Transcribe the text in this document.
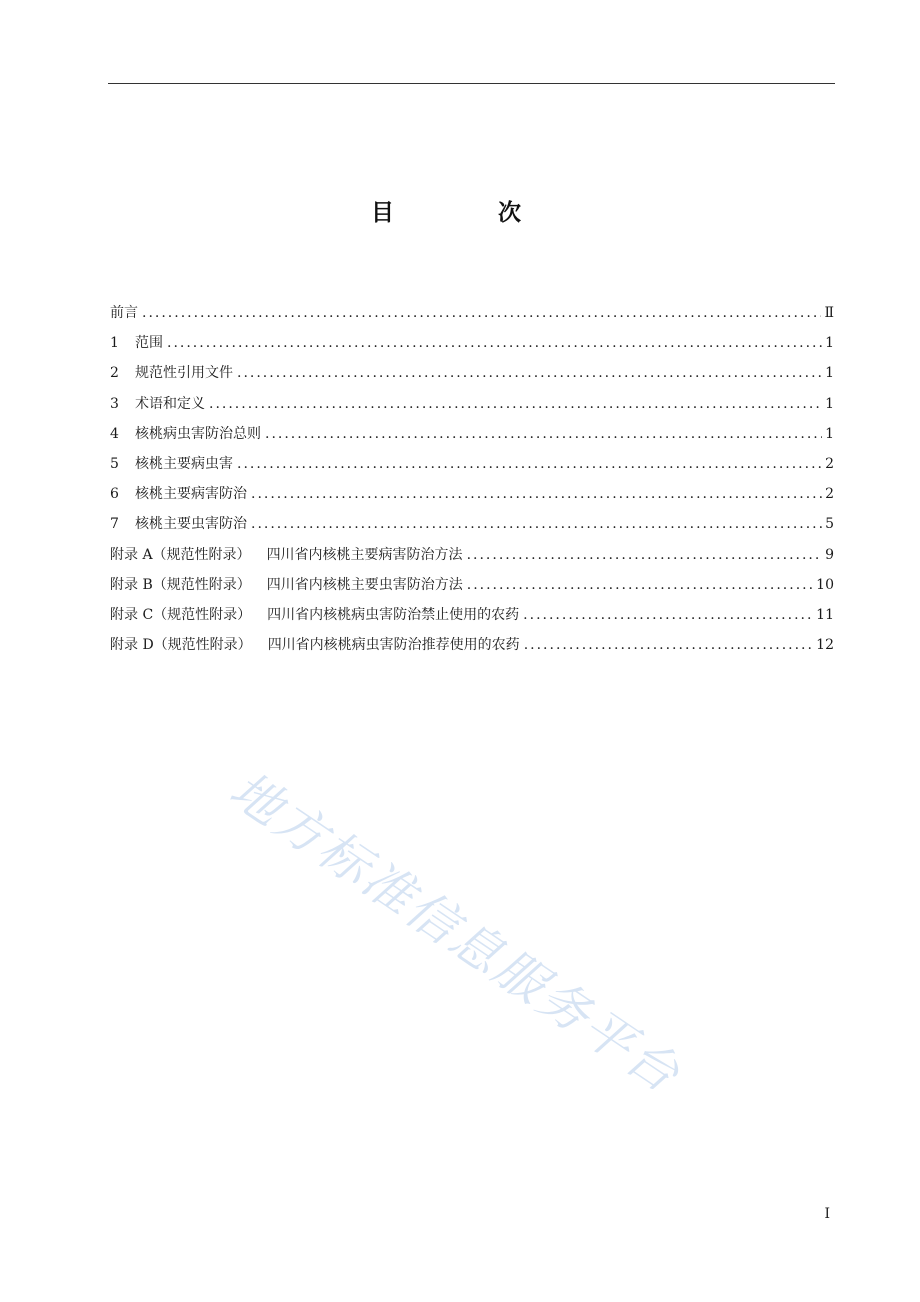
目 次
前言 .....	Ⅱ
1	范围 .....	1
2	规范性引用文件 .....	1
3	术语和定义 .....	1
4	核桃病虫害防治总则 .....	1
5	核桃主要病虫害 .....	2
6	核桃主要病害防治 .....	2
7	核桃主要虫害防治 .....	5
附录 A（规范性附录） 四川省内核桃主要病害防治方法 .....	9
附录 B（规范性附录） 四川省内核桃主要虫害防治方法 .....	10
附录 C（规范性附录） 四川省内核桃病虫害防治禁止使用的农药 .....	11
附录 D（规范性附录） 四川省内核桃病虫害防治推荐使用的农药 .....	12
地方标准信息服务平台
I
